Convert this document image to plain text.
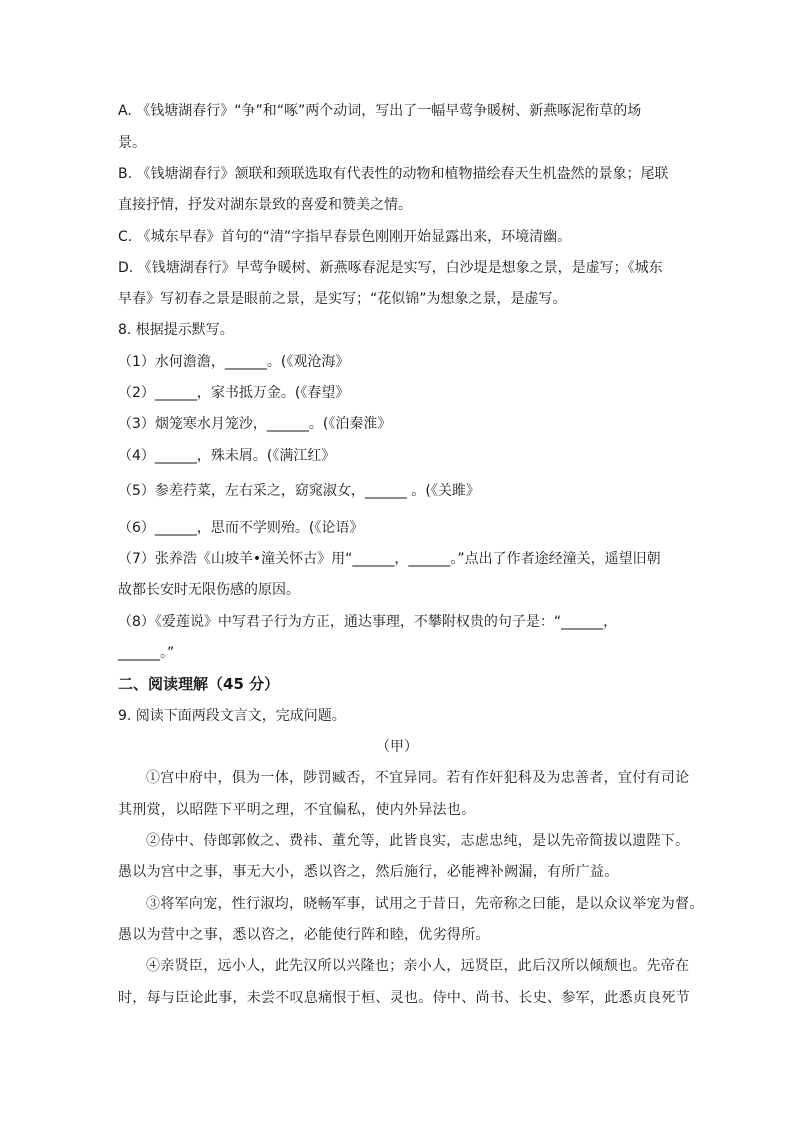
A. 《钱塘湖春行》“争”和“啄”两个动词，写出了一幅早莺争暖树、新燕啄泥衔草的场
景。
B. 《钱塘湖春行》颔联和颈联选取有代表性的动物和植物描绘春天生机盎然的景象；尾联
直接抒情，抒发对湖东景致的喜爱和赞美之情。
C. 《城东早春》首句的“清”字指早春景色刚刚开始显露出来，环境清幽。
D. 《钱塘湖春行》早莺争暖树、新燕啄春泥是实写，白沙堤是想象之景，是虚写；《城东
早春》写初春之景是眼前之景，是实写；“花似锦”为想象之景，是虚写。
8. 根据提示默写。
（1）水何澹澹，______。(《观沧海》
（2）______，家书抵万金。(《春望》
（3）烟笼寒水月笼沙，______。(《泊秦淮》
（4）______，殊未屑。(《满江红》
（5）参差荇菜，左右采之，窈窕淑女，______ 。(《关雎》
（6）______，思而不学则殆。(《论语》
（7）张养浩《山坡羊•潼关怀古》用“______，______。”点出了作者途经潼关，遥望旧朝
故都长安时无限伤感的原因。
（8）《爱莲说》中写君子行为方正，通达事理，不攀附权贵的句子是：“______，
______。”
二、阅读理解（45 分）
9. 阅读下面两段文言文，完成问题。
（甲）
①宫中府中，俱为一体，陟罚臧否，不宜异同。若有作奸犯科及为忠善者，宜付有司论
其刑赏，以昭陛下平明之理，不宜偏私，使内外异法也。
②侍中、侍郎郭攸之、费祎、董允等，此皆良实，志虑忠纯，是以先帝简拔以遗陛下。
愚以为宫中之事，事无大小，悉以咨之，然后施行，必能裨补阙漏，有所广益。
③将军向宠，性行淑均，晓畅军事，试用之于昔日，先帝称之曰能，是以众议举宠为督。
愚以为营中之事，悉以咨之，必能使行阵和睦，优劣得所。
④亲贤臣，远小人，此先汉所以兴隆也；亲小人，远贤臣，此后汉所以倾颓也。先帝在
时，每与臣论此事，未尝不叹息痛恨于桓、灵也。侍中、尚书、长史、参军，此悉贞良死节
